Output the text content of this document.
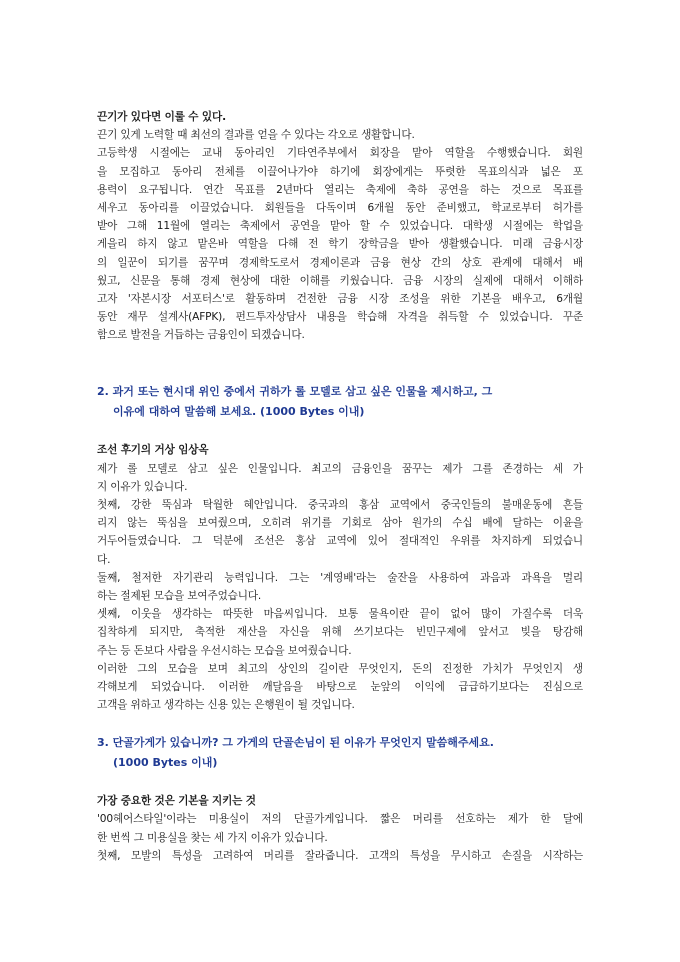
끈기가 있다면 이룰 수 있다.
끈기 있게 노력할 때 최선의 결과를 얻을 수 있다는 각오로 생활합니다.
고등학생 시절에는 교내 동아리인 기타연주부에서 회장을 맡아 역할을 수행했습니다. 회원
을 모집하고 동아리 전체를 이끌어나가야 하기에 회장에게는 뚜렷한 목표의식과 넓은 포
용력이 요구됩니다. 연간 목표를 2년마다 열리는 축제에 축하 공연을 하는 것으로 목표를
세우고 동아리를 이끌었습니다. 회원들을 다독이며 6개월 동안 준비했고, 학교로부터 허가를
받아 그해 11월에 열리는 축제에서 공연을 맡아 할 수 있었습니다. 대학생 시절에는 학업을
게을리 하지 않고 맡은바 역할을 다해 전 학기 장학금을 받아 생활했습니다. 미래 금융시장
의 일꾼이 되기를 꿈꾸며 경제학도로서 경제이론과 금융 현상 간의 상호 관계에 대해서 배
웠고, 신문을 통해 경제 현상에 대한 이해를 키웠습니다. 금융 시장의 실제에 대해서 이해하
고자 '자본시장 서포터스'로 활동하며 건전한 금융 시장 조성을 위한 기본을 배우고, 6개월
동안 재무 설계사(AFPK), 펀드투자상담사 내용을 학습해 자격을 취득할 수 있었습니다. 꾸준
함으로 발전을 거듭하는 금융인이 되겠습니다.
2. 과거 또는 현시대 위인 중에서 귀하가 롤 모델로 삼고 싶은 인물을 제시하고, 그
이유에 대하여 말씀해 보세요. (1000 Bytes 이내)
조선 후기의 거상 임상옥
제가 롤 모델로 삼고 싶은 인물입니다. 최고의 금융인을 꿈꾸는 제가 그를 존경하는 세 가
지 이유가 있습니다.
첫째, 강한 뚝심과 탁월한 혜안입니다. 중국과의 홍삼 교역에서 중국인들의 불매운동에 흔들
리지 않는 뚝심을 보여줬으며, 오히려 위기를 기회로 삼아 원가의 수십 배에 달하는 이윤을
거두어들였습니다. 그 덕분에 조선은 홍삼 교역에 있어 절대적인 우위를 차지하게 되었습니
다.
둘째, 철저한 자기관리 능력입니다. 그는 '계영배'라는 술잔을 사용하여 과음과 과욕을 멀리
하는 절제된 모습을 보여주었습니다.
셋째, 이웃을 생각하는 따뜻한 마음씨입니다. 보통 물욕이란 끝이 없어 많이 가질수록 더욱
집착하게 되지만, 축적한 재산을 자신을 위해 쓰기보다는 빈민구제에 앞서고 빚을 탕감해
주는 등 돈보다 사람을 우선시하는 모습을 보여줬습니다.
이러한 그의 모습을 보며 최고의 상인의 길이란 무엇인지, 돈의 진정한 가치가 무엇인지 생
각해보게 되었습니다. 이러한 깨달음을 바탕으로 눈앞의 이익에 급급하기보다는 진심으로
고객을 위하고 생각하는 신용 있는 은행원이 될 것입니다.
3. 단골가게가 있습니까? 그 가게의 단골손님이 된 이유가 무엇인지 말씀해주세요.
(1000 Bytes 이내)
가장 중요한 것은 기본을 지키는 것
'00헤어스타일'이라는 미용실이 저의 단골가게입니다. 짧은 머리를 선호하는 제가 한 달에
한 번씩 그 미용실을 찾는 세 가지 이유가 있습니다.
첫째, 모발의 특성을 고려하여 머리를 잘라줍니다. 고객의 특성을 무시하고 손질을 시작하는
